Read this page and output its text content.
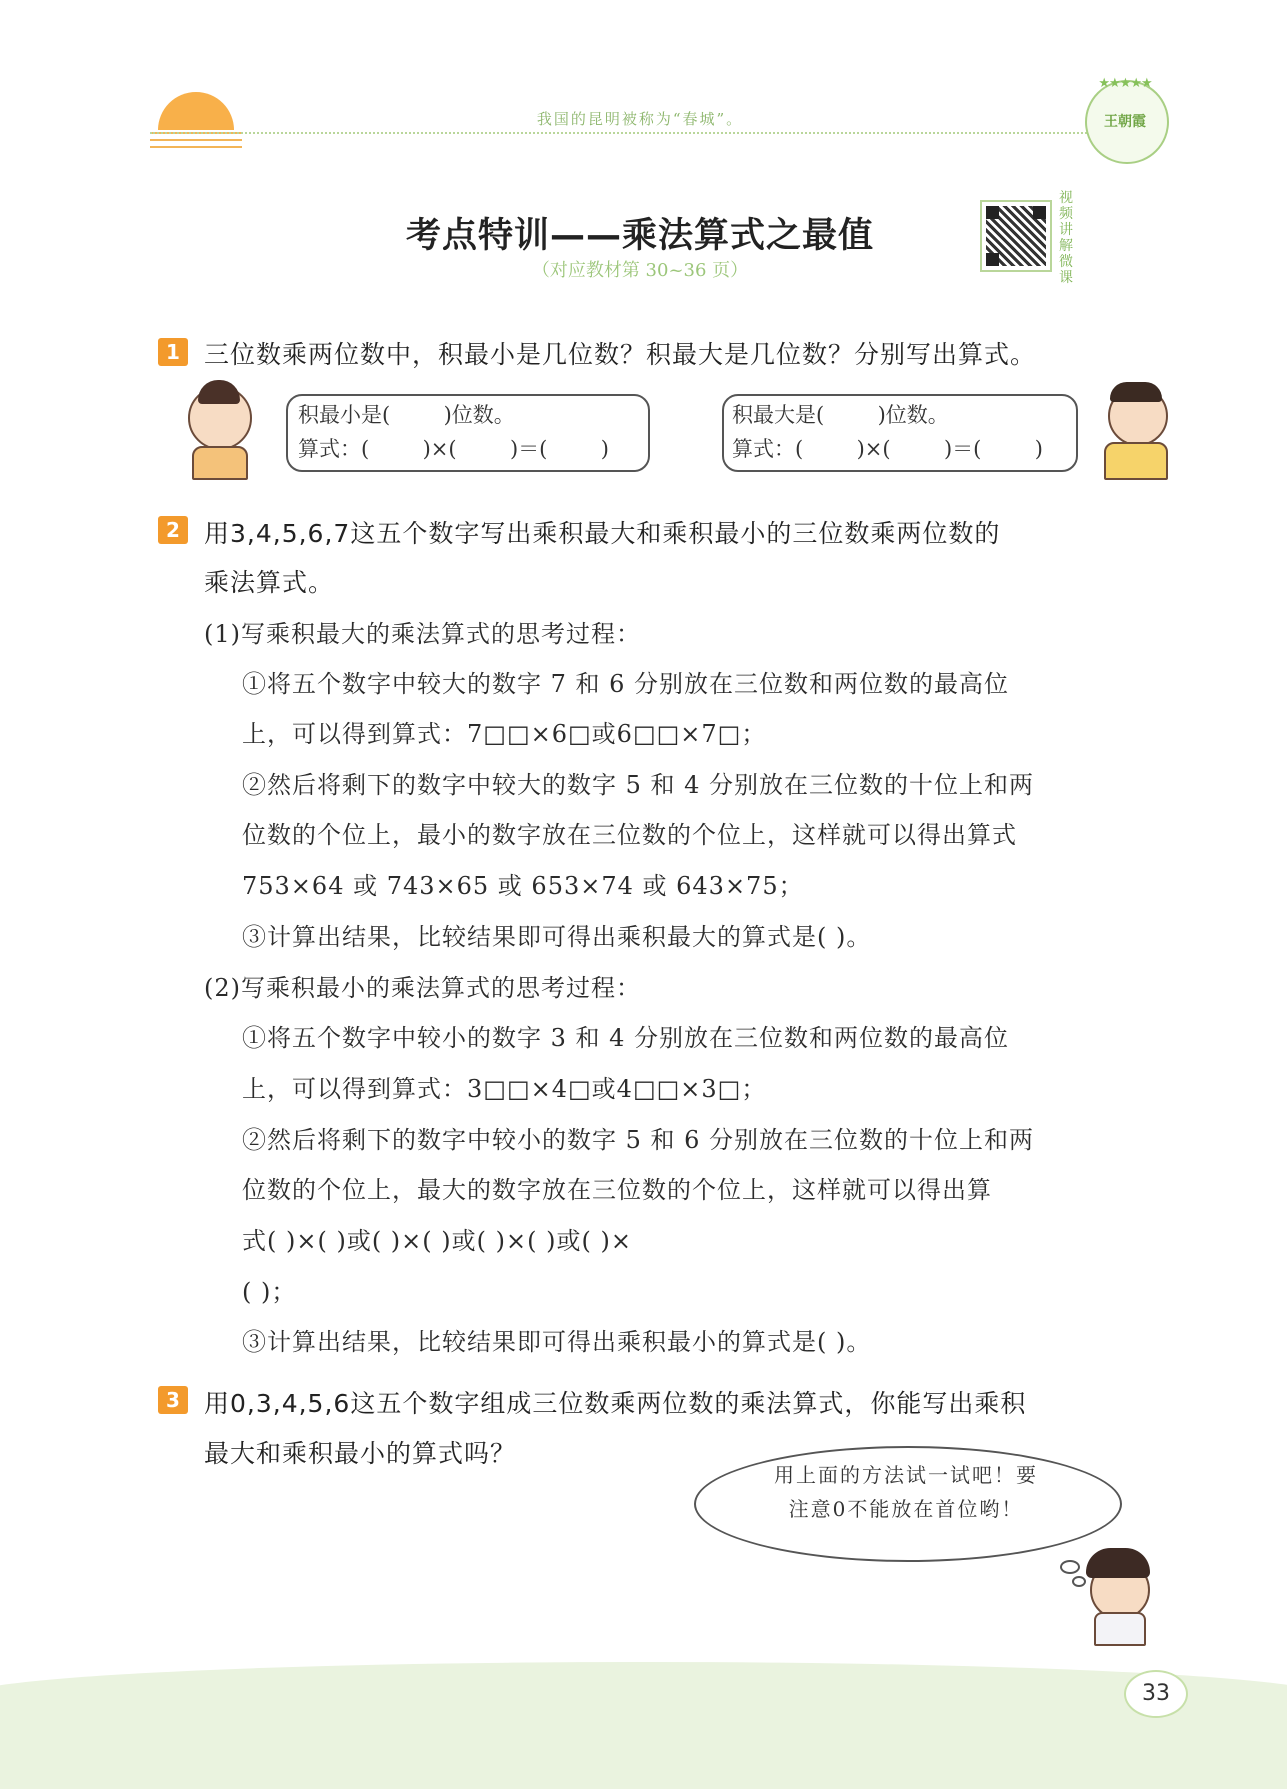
我国的昆明被称为“春城”。
★★★★★
王朝霞
考点特训——乘法算式之最值
（对应教材第 30~36 页）
视频讲解微课
1 三位数乘两位数中，积最小是几位数？积最大是几位数？分别写出算式。
积最小是(        )位数。
算式：(        )×(        )＝(        )
积最大是(        )位数。
算式：(        )×(        )＝(        )
2 用3,4,5,6,7这五个数字写出乘积最大和乘积最小的三位数乘两位数的
乘法算式。
(1)写乘积最大的乘法算式的思考过程：
①将五个数字中较大的数字 7 和 6 分别放在三位数和两位数的最高位
上，可以得到算式：7□□×6□或6□□×7□；
②然后将剩下的数字中较大的数字 5 和 4 分别放在三位数的十位上和两
位数的个位上，最小的数字放在三位数的个位上，这样就可以得出算式
753×64 或 743×65 或 653×74 或 643×75；
③计算出结果，比较结果即可得出乘积最大的算式是( )。
(2)写乘积最小的乘法算式的思考过程：
①将五个数字中较小的数字 3 和 4 分别放在三位数和两位数的最高位
上，可以得到算式：3□□×4□或4□□×3□；
②然后将剩下的数字中较小的数字 5 和 6 分别放在三位数的十位上和两
位数的个位上，最大的数字放在三位数的个位上，这样就可以得出算
式( )×( )或( )×( )或( )×( )或( )×
( )；
③计算出结果，比较结果即可得出乘积最小的算式是( )。
3 用0,3,4,5,6这五个数字组成三位数乘两位数的乘法算式，你能写出乘积
最大和乘积最小的算式吗？
用上面的方法试一试吧！要
注意0不能放在首位哟！
33
